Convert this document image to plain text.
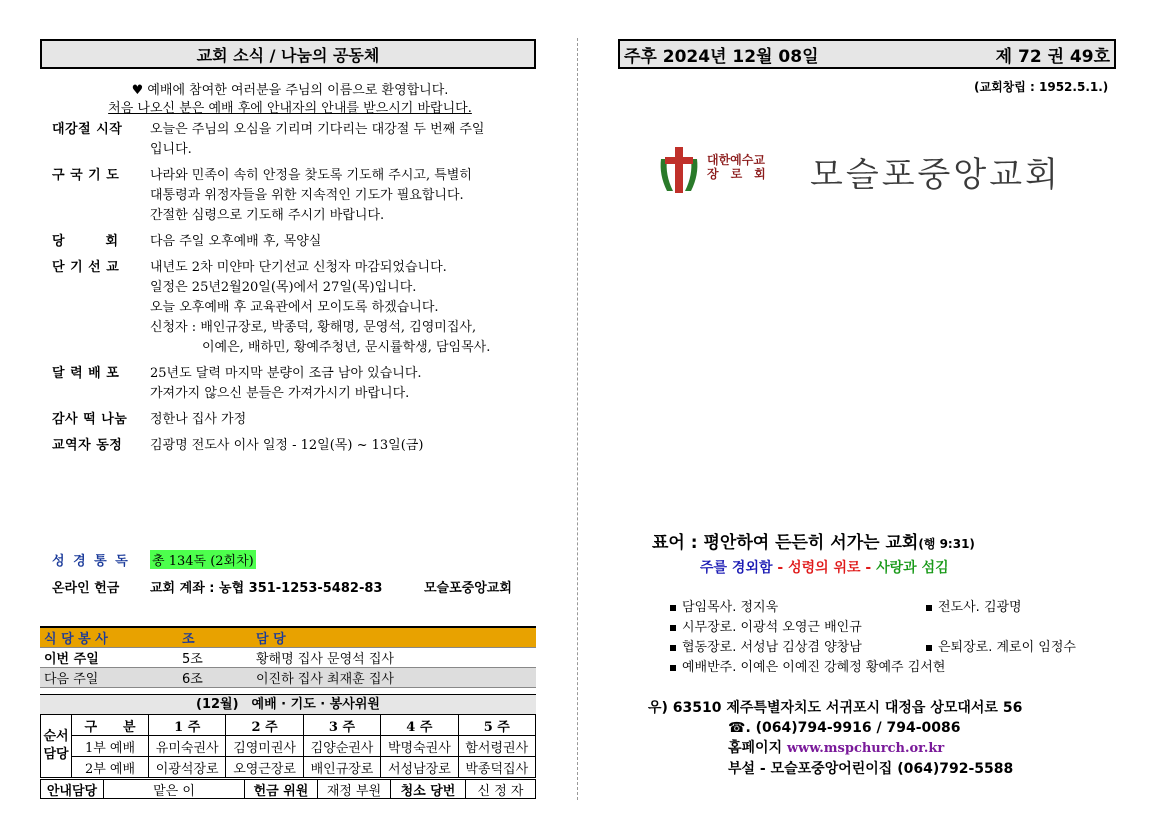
교회 소식 / 나눔의 공동체
♥ 예배에 참여한 여러분을 주님의 이름으로 환영합니다.
처음 나오신 분은 예배 후에 안내자의 안내를 받으시기 바랍니다.
대강절 시작	오늘은 주님의 오심을 기리며 기다리는 대강절 두 번째 주일
입니다.
구 국 기 도	나라와 민족이 속히 안정을 찾도록 기도해 주시고, 특별히
대통령과 위정자들을 위한 지속적인 기도가 필요합니다.
간절한 심령으로 기도해 주시기 바랍니다.
당　　　회	다음 주일 오후예배 후, 목양실
단 기 선 교	내년도 2차 미얀마 단기선교 신청자 마감되었습니다.
일정은 25년2월20일(목)에서 27일(목)입니다.
오늘 오후예배 후 교육관에서 모이도록 하겠습니다.
신청자 : 배인규장로, 박종덕, 황해명, 문영석, 김영미집사,
이예은, 배하민, 황예주청년, 문시률학생, 담임목사.
달 력 배 포	25년도 달력 마지막 분량이 조금 남아 있습니다.
가져가지 않으신 분들은 가져가시기 바랍니다.
감사 떡 나눔	정한나 집사 가정
교역자 동정	김광명 전도사 이사 일정 - 12일(목) ~ 13일(금)
성 경 통 독 총 134독 (2회차)
온라인 헌금 교회 계좌 : 농협 351-1253-5482-83	모슬포중앙교회
식 당 봉 사	조	담 당
이번 주일	5조	황해명 집사 문영석 집사
다음 주일	6조	이진하 집사 최재훈 집사
(12월)　예배 · 기도 · 봉사위원
순서 담당	구　　분	1 주	2 주	3 주	4 주	5 주
	1부 예배	유미숙권사	김영미권사	김양순권사	박명숙권사	함서령권사
	2부 예배	이광석장로	오영근장로	배인규장로	서성남장로	박종덕집사
안내담당	맡은 이	헌금 위원	재정 부원	청소 당번	신 정 자
주후 2024년 12월 08일	제 72 권 49호
(교회창립 : 1952.5.1.)
대한예수교
장　로　회 모슬포중앙교회
표어 : 평안하여 든든히 서가는 교회(행 9:31)
주를 경외함 - 성령의 위로 - 사랑과 섬김
담임목사. 정지욱	전도사. 김광명
시무장로. 이광석 오영근 배인규
협동장로. 서성남 김상겸 양창남	은퇴장로. 계로이 임정수
예배반주. 이예은 이예진 강혜정 황예주 김서현
우) 63510 제주특별자치도 서귀포시 대정읍 상모대서로 56
☎. (064)794-9916 / 794-0086
홈페이지 www.mspchurch.or.kr
부설 - 모슬포중앙어린이집 (064)792-5588
